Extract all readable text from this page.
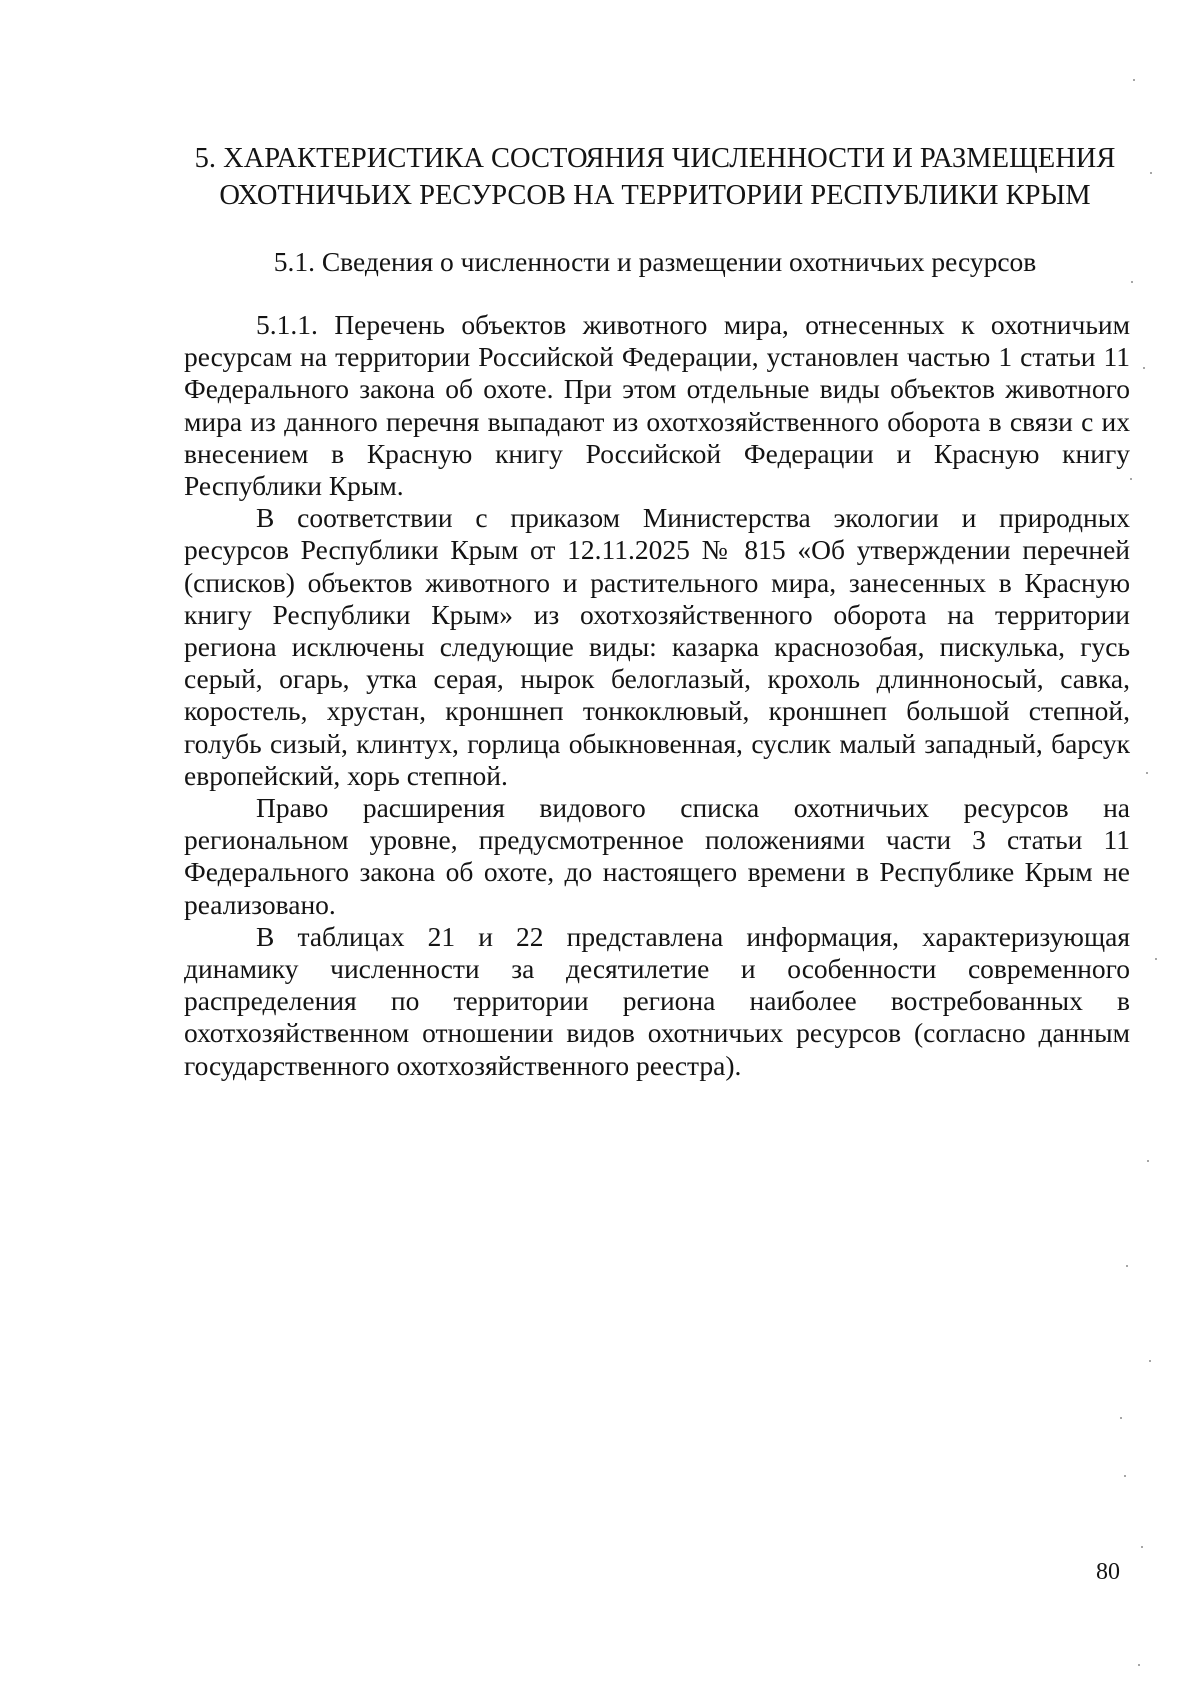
5. ХАРАКТЕРИСТИКА СОСТОЯНИЯ ЧИСЛЕННОСТИ И РАЗМЕЩЕНИЯ ОХОТНИЧЬИХ РЕСУРСОВ НА ТЕРРИТОРИИ РЕСПУБЛИКИ КРЫМ
5.1. Сведения о численности и размещении охотничьих ресурсов

5.1.1. Перечень объектов животного мира, отнесенных к охотничьим ресурсам на территории Российской Федерации, установлен частью 1 статьи 11 Федерального закона об охоте. При этом отдельные виды объектов животного мира из данного перечня выпадают из охотхозяйственного оборота в связи с их внесением в Красную книгу Российской Федерации и Красную книгу Республики Крым.

В соответствии с приказом Министерства экологии и природных ресурсов Республики Крым от 12.11.2025 № 815 «Об утверждении перечней (списков) объектов животного и растительного мира, занесенных в Красную книгу Республики Крым» из охотхозяйственного оборота на территории региона исключены следующие виды: казарка краснозобая, пискулька, гусь серый, огарь, утка серая, нырок белоглазый, крохоль длинноносый, савка, коростель, хрустан, кроншнеп тонкоклювый, кроншнеп большой степной, голубь сизый, клинтух, горлица обыкновенная, суслик малый западный, барсук европейский, хорь степной.

Право расширения видового списка охотничьих ресурсов на региональном уровне, предусмотренное положениями части 3 статьи 11 Федерального закона об охоте, до настоящего времени в Республике Крым не реализовано.

В таблицах 21 и 22 представлена информация, характеризующая динамику численности за десятилетие и особенности современного распределения по территории региона наиболее востребованных в охотхозяйственном отношении видов охотничьих ресурсов (согласно данным государственного охотхозяйственного реестра).

80
